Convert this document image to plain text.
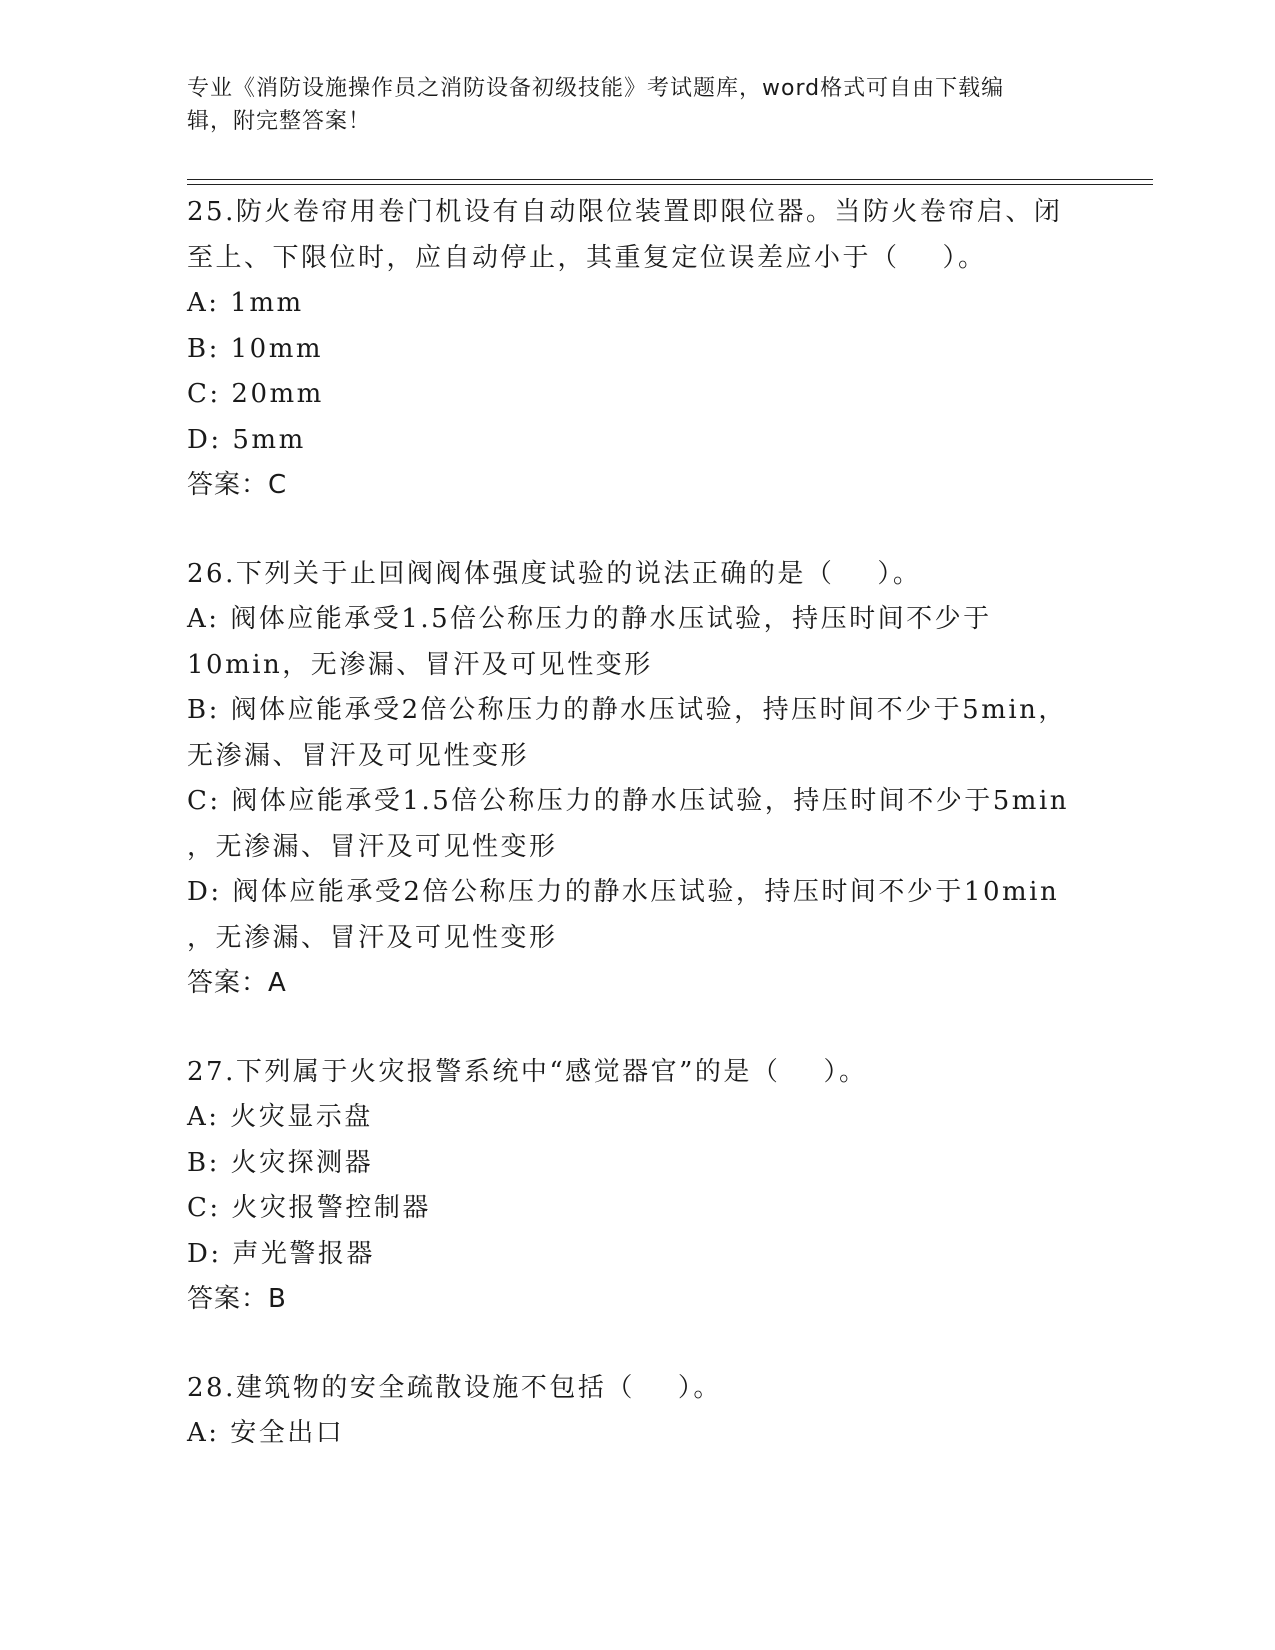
专业《消防设施操作员之消防设备初级技能》考试题库，word格式可自由下载编
辑，附完整答案！

25.防火卷帘用卷门机设有自动限位装置即限位器。当防火卷帘启、闭

至上、下限位时，应自动停止，其重复定位误差应小于（    ）。

A: 1mm

B: 10mm

C: 20mm

D: 5mm

答案：C

26.下列关于止回阀阀体强度试验的说法正确的是（    ）。

A: 阀体应能承受1.5倍公称压力的静水压试验，持压时间不少于

10min，无渗漏、冒汗及可见性变形

B: 阀体应能承受2倍公称压力的静水压试验，持压时间不少于5min，

无渗漏、冒汗及可见性变形

C: 阀体应能承受1.5倍公称压力的静水压试验，持压时间不少于5min

，无渗漏、冒汗及可见性变形

D: 阀体应能承受2倍公称压力的静水压试验，持压时间不少于10min

，无渗漏、冒汗及可见性变形

答案：A

27.下列属于火灾报警系统中“感觉器官”的是（    ）。

A: 火灾显示盘

B: 火灾探测器

C: 火灾报警控制器

D: 声光警报器

答案：B

28.建筑物的安全疏散设施不包括（    ）。

A: 安全出口
